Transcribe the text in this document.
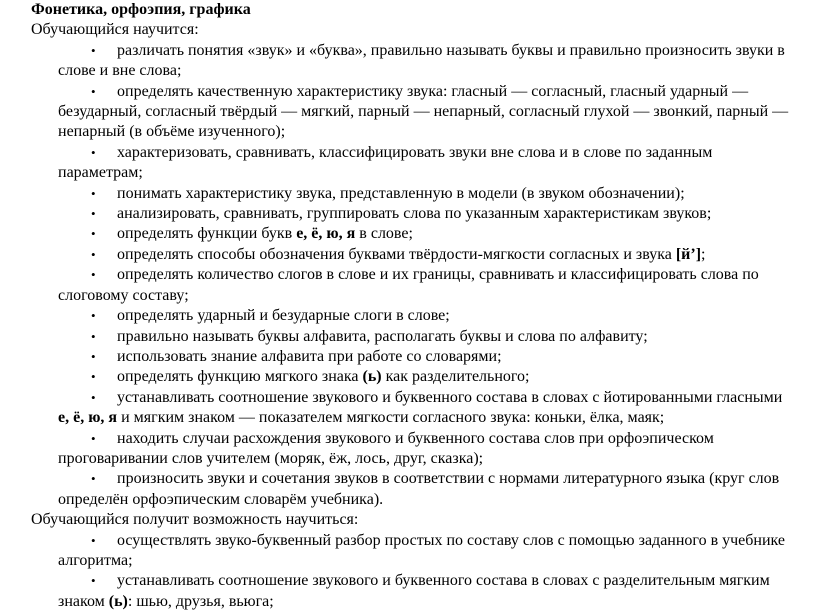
Фонетика, орфоэпия, графика

Обучающийся научится:

• различать понятия «звук» и «буква», правильно называть буквы и правильно произносить звуки в слове и вне слова;
• определять качественную характеристику звука: гласный — согласный, гласный ударный — безударный, согласный твёрдый — мягкий, парный — непарный, согласный глухой — звонкий, парный — непарный (в объёме изученного);
• характеризовать, сравнивать, классифицировать звуки вне слова и в слове по заданным параметрам;
• понимать характеристику звука, представленную в модели (в звуком обозначении);
• анализировать, сравнивать, группировать слова по указанным характеристикам звуков;
• определять функции букв е, ё, ю, я в слове;
• определять способы обозначения буквами твёрдости-мягкости согласных и звука [й’];
• определять количество слогов в слове и их границы, сравнивать и классифицировать слова по слоговому составу;
• определять ударный и безударные слоги в слове;
• правильно называть буквы алфавита, располагать буквы и слова по алфавиту;
• использовать знание алфавита при работе со словарями;
• определять функцию мягкого знака (ь) как разделительного;
• устанавливать соотношение звукового и буквенного состава в словах с йотированными гласными е, ё, ю, я и мягким знаком — показателем мягкости согласного звука: коньки, ёлка, маяк;
• находить случаи расхождения звукового и буквенного состава слов при орфоэпическом проговаривании слов учителем (моряк, ёж, лось, друг, сказка);
• произносить звуки и сочетания звуков в соответствии с нормами литературного языка (круг слов определён орфоэпическим словарём учебника).

Обучающийся получит возможность научиться:

• осуществлять звуко-буквенный разбор простых по составу слов с помощью заданного в учебнике алгоритма;
• устанавливать соотношение звукового и буквенного состава в словах с разделительным мягким знаком (ь): шью, друзья, вьюга;
